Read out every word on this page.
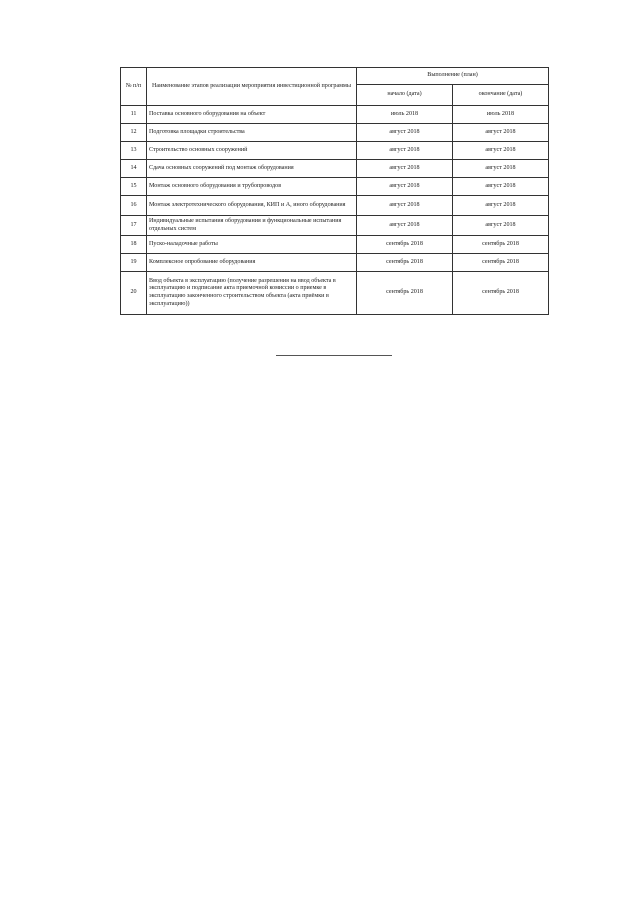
№ п/п	Наименование этапов реализации мероприятия инвестиционной программы	Выполнение (план)	
		начало (дата)	окончание (дата)
11	Поставка основного оборудования на объект	июль 2018	июль 2018
12	Подготовка площадки строительства	август 2018	август 2018
13	Строительство основных сооружений	август 2018	август 2018
14	Сдача основных сооружений под монтаж оборудования	август 2018	август 2018
15	Монтаж основного оборудования и трубопроводов	август 2018	август 2018
16	Монтаж электротехнического оборудования, КИП и А, иного оборудования	август 2018	август 2018
17	Индивидуальные испытания оборудования и функциональные испытания отдельных систем	август 2018	август 2018
18	Пуско-наладочные работы	сентябрь 2018	сентябрь 2018
19	Комплексное опробование оборудования	сентябрь 2018	сентябрь 2018
20	Ввод объекта в эксплуатацию (получение разрешения на ввод объекта в эксплуатацию и подписание акта приемочной комиссии о приемке в эксплуатацию законченного строительством объекта (акта приёмки в эксплуатацию))	сентябрь 2018	сентябрь 2018
